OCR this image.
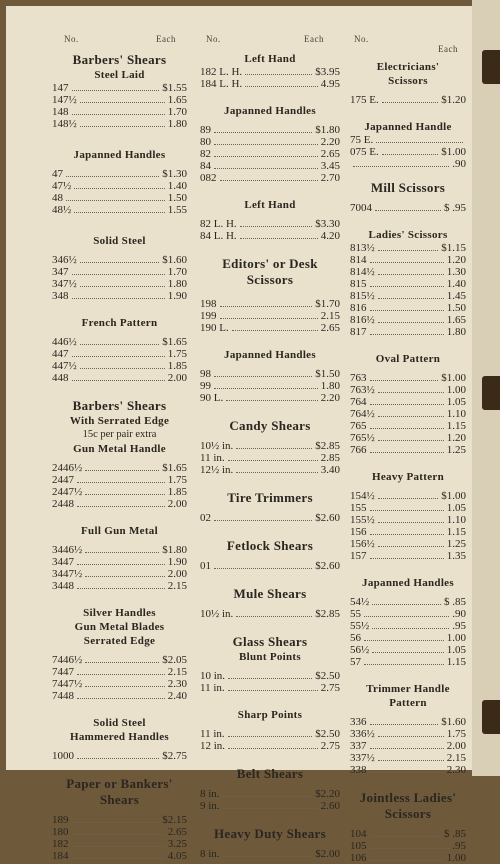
No.	Each	No.	Each	No.
Each
Barbers' Shears
Steel Laid
147	$1.55
147½	1.65
148	1.70
148½	1.80
Japanned Handles
47	$1.30
47½	1.40
48	1.50
48½	1.55
Solid Steel
346½	$1.60
347	1.70
347½	1.80
348	1.90
French Pattern
446½	$1.65
447	1.75
447½	1.85
448	2.00
Barbers' Shears
With Serrated Edge
15c per pair extra
Gun Metal Handle
2446½	$1.65
2447	1.75
2447½	1.85
2448	2.00
Full Gun Metal
3446½	$1.80
3447	1.90
3447½	2.00
3448	2.15
Silver Handles
Gun Metal Blades
Serrated Edge
7446½	$2.05
7447	2.15
7447½	2.30
7448	2.40
Solid Steel
Hammered Handles
1000	$2.75
Paper or Bankers'
Shears
189	$2.15
180	2.65
182	3.25
184	4.05
Left Hand
182 L. H.	$3.95
184 L. H.	4.95
Japanned Handles
89	$1.80
80	2.20
82	2.65
84	3.45
082	2.70
Left Hand
82 L. H.	$3.30
84 L. H.	4.20
Editors' or Desk
Scissors
198	$1.70
199	2.15
190 L.	2.65
Japanned Handles
98	$1.50
99	1.80
90 L.	2.20
Candy Shears
10½ in.	$2.85
11 in.	2.85
12½ in.	3.40
Tire Trimmers
02	$2.60
Fetlock Shears
01	$2.60
Mule Shears
10½ in.	$2.85
Glass Shears
Blunt Points
10 in.	$2.50
11 in.	2.75
Sharp Points
11 in.	$2.50
12 in.	2.75
Belt Shears
8 in.	$2.20
9 in.	2.60
Heavy Duty Shears
8 in.	$2.00
Electricians'
Scissors
175 E.	$1.20
Japanned Handle
75 E.
075 E.	$1.00
.90
Mill Scissors
7004	$ .95
Ladies' Scissors
813½	$1.15
814	1.20
814½	1.30
815	1.40
815½	1.45
816	1.50
816½	1.65
817	1.80
Oval Pattern
763	$1.00
763½	1.00
764	1.05
764½	1.10
765	1.15
765½	1.20
766	1.25
Heavy Pattern
154½	$1.00
155	1.05
155½	1.10
156	1.15
156½	1.25
157	1.35
Japanned Handles
54½	$ .85
55	.90
55½	.95
56	1.00
56½	1.05
57	1.15
Trimmer Handle
Pattern
336	$1.60
336½	1.75
337	2.00
337½	2.15
338	2.30
Jointless Ladies'
Scissors
104	$ .85
105	.95
106	1.00
